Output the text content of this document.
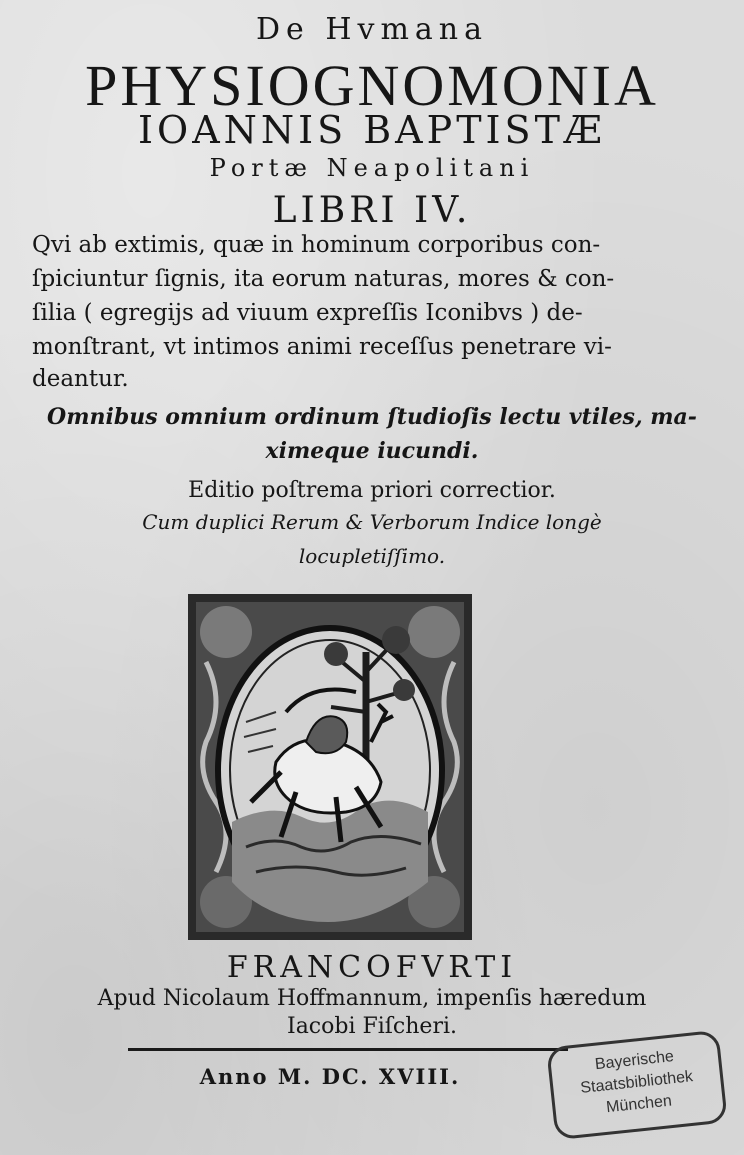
De Hvmana
PHYSIOGNOMONIA
IOANNIS BAPTISTÆ
Portæ Neapolitani
LIBRI IV.
Qvi ab extimis, quæ in hominum corporibus con-
ſpiciuntur ſignis, ita eorum naturas, mores & con-
ſilia ( egregijs ad viuum expreſſis Iconibvs ) de-
monſtrant, vt intimos animi receſſus penetrare vi-
deantur.
Omnibus omnium ordinum ſtudioſis lectu vtiles, ma-
ximeque iucundi.
Editio poſtrema priori correctior.
Cum duplici Rerum & Verborum Indice longè
locupletiſſimo.
FRANCOFVRTI
Apud Nicolaum Hoffmannum, impenſis hæredum
Iacobi Fiſcheri.
Anno M. DC. XVIII.
Bayerische
Staatsbibliothek
München
